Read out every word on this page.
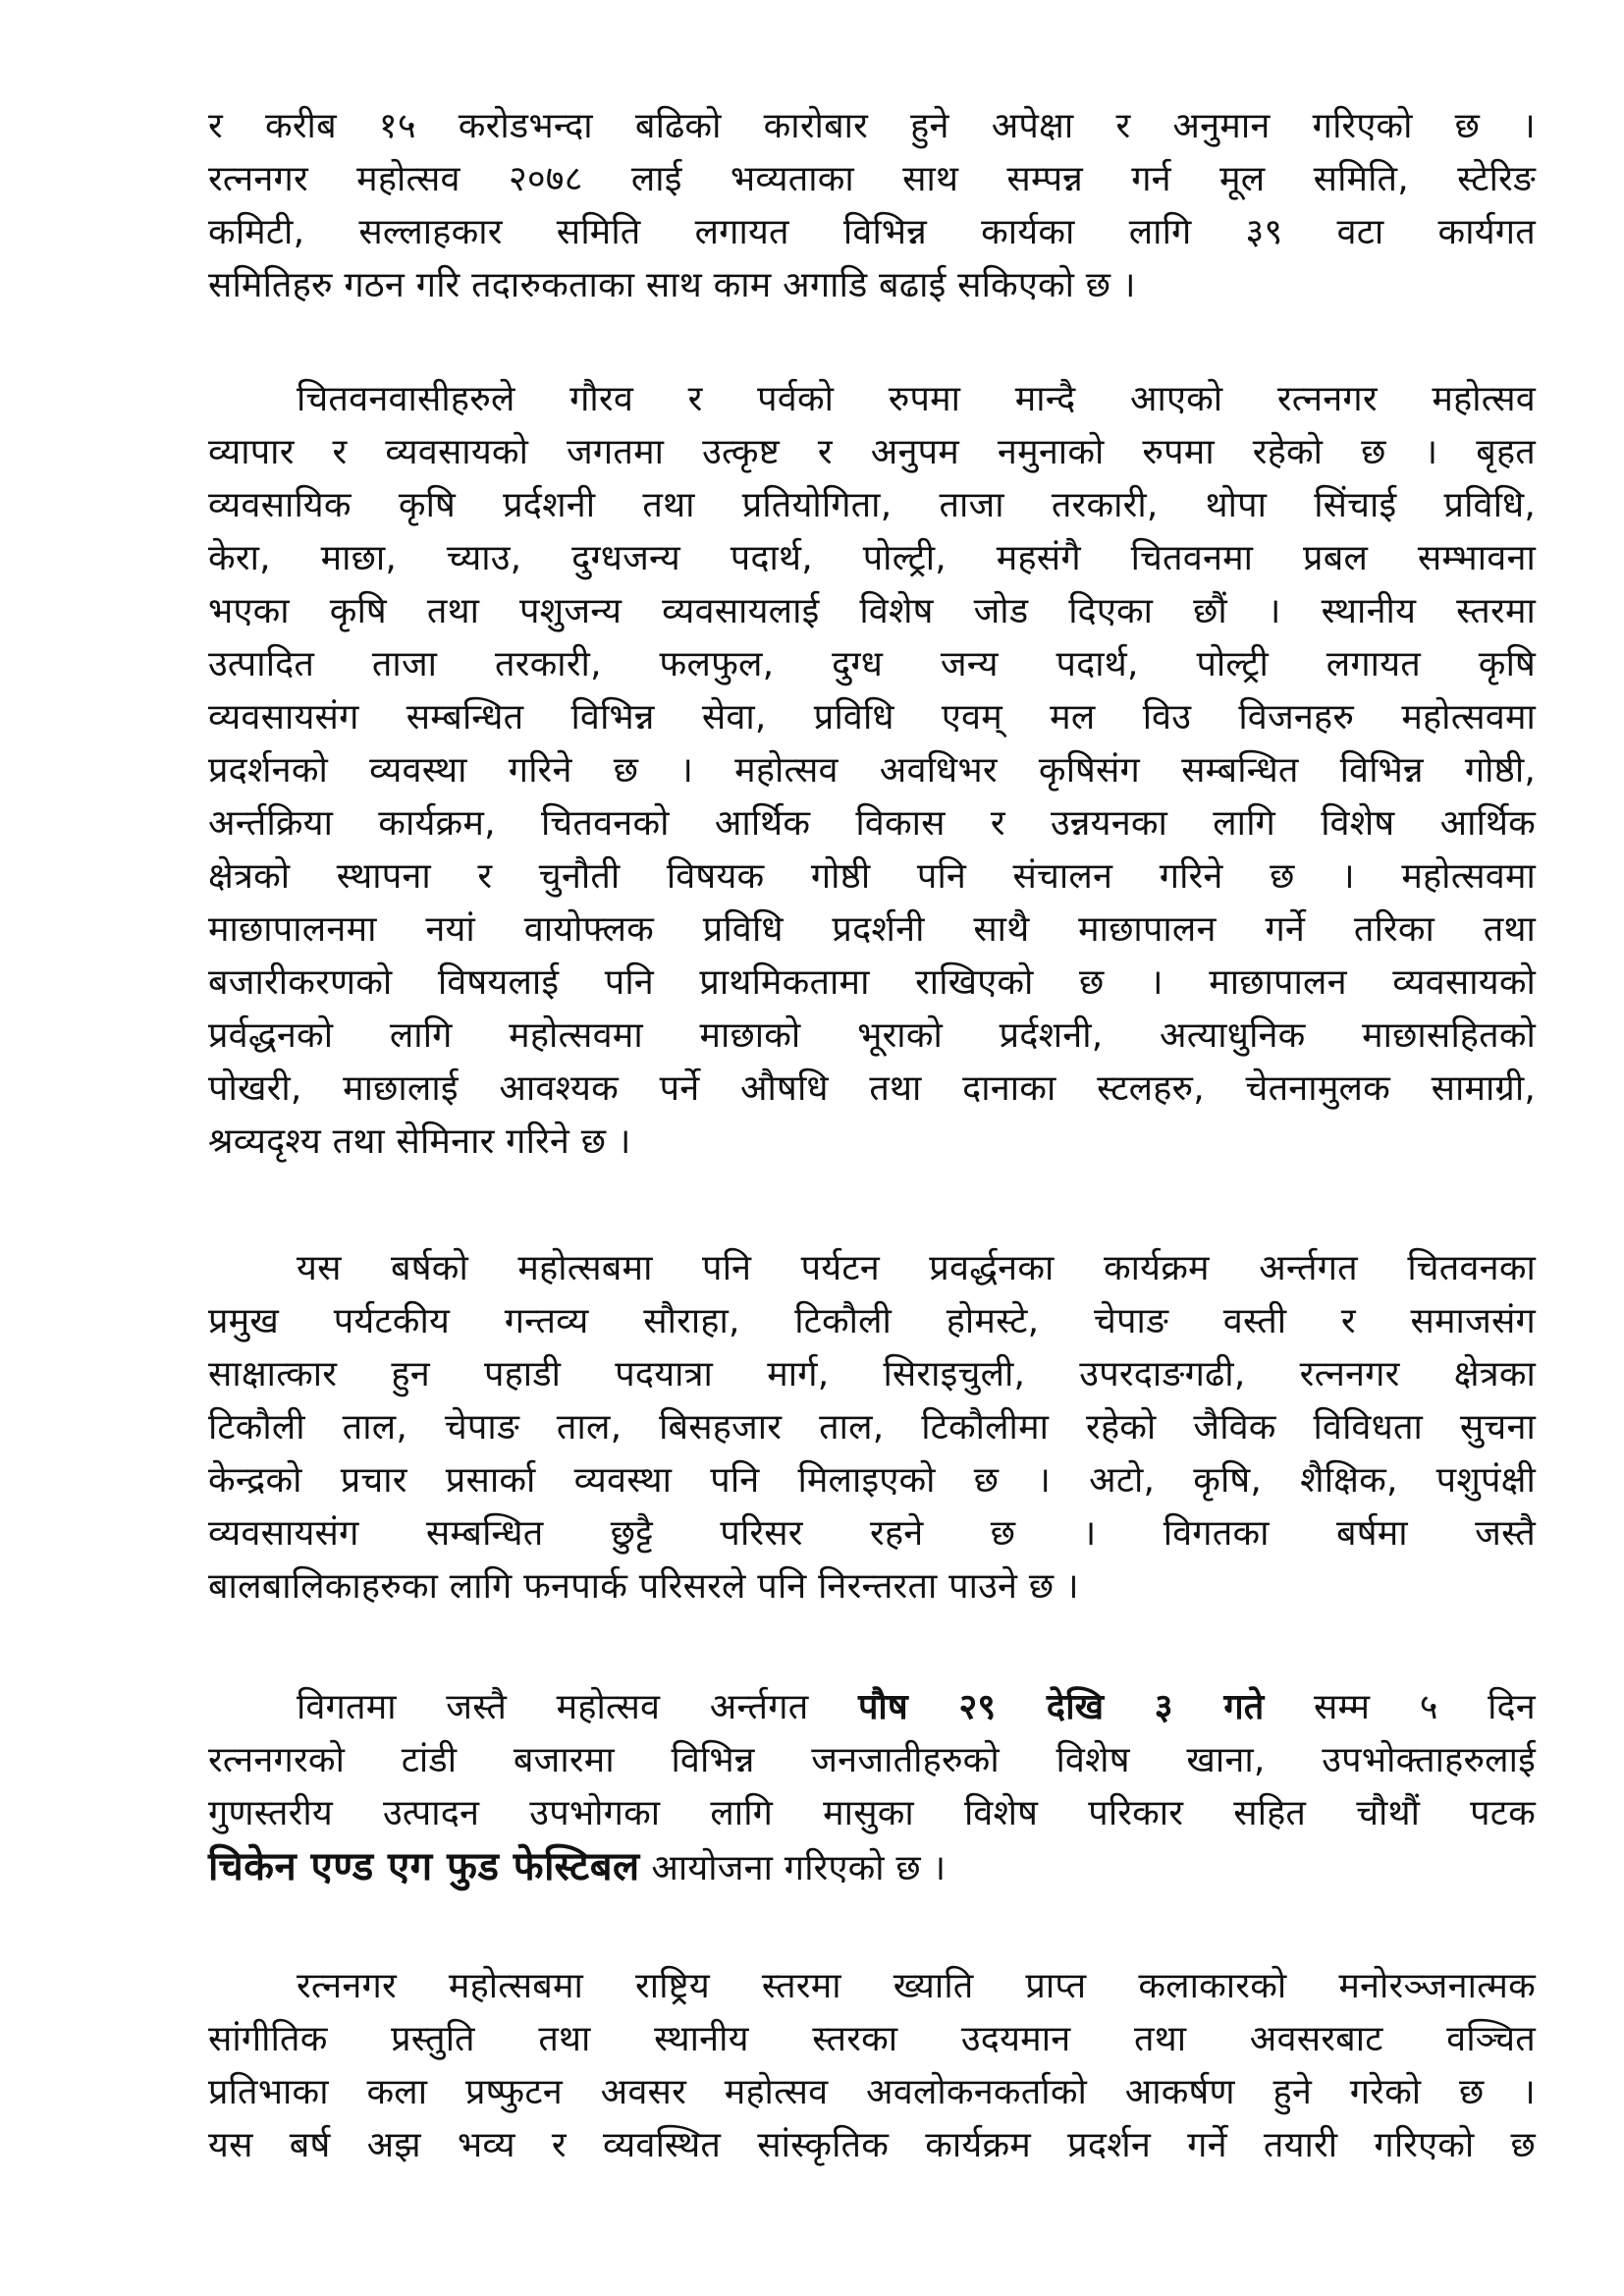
र करीब १५ करोडभन्दा बढिको कारोबार हुने अपेक्षा र अनुमान गरिएको छ ।
रत्ननगर महोत्सव २०७८ लाई भव्यताका साथ सम्पन्न गर्न मूल समिति, स्टेरिङ
कमिटी, सल्लाहकार समिति लगायत विभिन्न कार्यका लागि ३९ वटा कार्यगत
समितिहरु गठन गरि तदारुकताका साथ काम अगाडि बढाई सकिएको छ ।
चितवनवासीहरुले गौरव र पर्वको रुपमा मान्दै आएको रत्ननगर महोत्सव
व्यापार र व्यवसायको जगतमा उत्कृष्ट र अनुपम नमुनाको रुपमा रहेको छ । बृहत
व्यवसायिक कृषि प्रर्दशनी तथा प्रतियोगिता, ताजा तरकारी, थोपा सिंचाई प्रविधि,
केरा, माछा, च्याउ, दुग्धजन्य पदार्थ, पोल्ट्री, महसंगै चितवनमा प्रबल सम्भावना
भएका कृषि तथा पशुजन्य व्यवसायलाई विशेष जोड दिएका छौं । स्थानीय स्तरमा
उत्पादित ताजा तरकारी, फलफुल, दुग्ध जन्य पदार्थ, पोल्ट्री लगायत कृषि
व्यवसायसंग सम्बन्धित विभिन्न सेवा, प्रविधि एवम् मल विउ विजनहरु महोत्सवमा
प्रदर्शनको व्यवस्था गरिने छ । महोत्सव अवधिभर कृषिसंग सम्बन्धित विभिन्न गोष्ठी,
अर्न्तक्रिया कार्यक्रम, चितवनको आर्थिक विकास र उन्नयनका लागि विशेष आर्थिक
क्षेत्रको स्थापना र चुनौती विषयक गोष्ठी पनि संचालन गरिने छ । महोत्सवमा
माछापालनमा नयां वायोफ्लक प्रविधि प्रदर्शनी साथै माछापालन गर्ने तरिका तथा
बजारीकरणको विषयलाई पनि प्राथमिकतामा राखिएको छ । माछापालन व्यवसायको
प्रर्वद्धनको लागि महोत्सवमा माछाको भूराको प्रर्दशनी, अत्याधुनिक माछासहितको
पोखरी, माछालाई आवश्यक पर्ने औषधि तथा दानाका स्टलहरु, चेतनामुलक सामाग्री,
श्रव्यदृश्य तथा सेमिनार गरिने छ ।
यस बर्षको महोत्सबमा पनि पर्यटन प्रवर्द्धनका कार्यक्रम अर्न्तगत चितवनका
प्रमुख पर्यटकीय गन्तव्य सौराहा, टिकौली होमस्टे, चेपाङ वस्ती र समाजसंग
साक्षात्कार हुन पहाडी पदयात्रा मार्ग, सिराइचुली, उपरदाङगढी, रत्ननगर क्षेत्रका
टिकौली ताल, चेपाङ ताल, बिसहजार ताल, टिकौलीमा रहेको जैविक विविधता सुचना
केन्द्रको प्रचार प्रसार्का व्यवस्था पनि मिलाइएको छ । अटो, कृषि, शैक्षिक, पशुपंक्षी
व्यवसायसंग सम्बन्धित छुट्टै परिसर रहने छ । विगतका बर्षमा जस्तै
बालबालिकाहरुका लागि फनपार्क परिसरले पनि निरन्तरता पाउने छ ।
विगतमा जस्तै महोत्सव अर्न्तगत पौष २९ देखि ३ गते सम्म ५ दिन
रत्ननगरको टांडी बजारमा विभिन्न जनजातीहरुको विशेष खाना, उपभोक्ताहरुलाई
गुणस्तरीय उत्पादन उपभोगका लागि मासुका विशेष परिकार सहित चौथौं पटक
चिकेन एण्ड एग फुड फेस्टिबल आयोजना गरिएको छ ।
रत्ननगर महोत्सबमा राष्ट्रिय स्तरमा ख्याति प्राप्त कलाकारको मनोरञ्जनात्मक
सांगीतिक प्रस्तुति तथा स्थानीय स्तरका उदयमान तथा अवसरबाट वञ्चित
प्रतिभाका कला प्रष्फुटन अवसर महोत्सव अवलोकनकर्ताको आकर्षण हुने गरेको छ ।
यस बर्ष अझ भव्य र व्यवस्थित सांस्कृतिक कार्यक्रम प्रदर्शन गर्ने तयारी गरिएको छ
